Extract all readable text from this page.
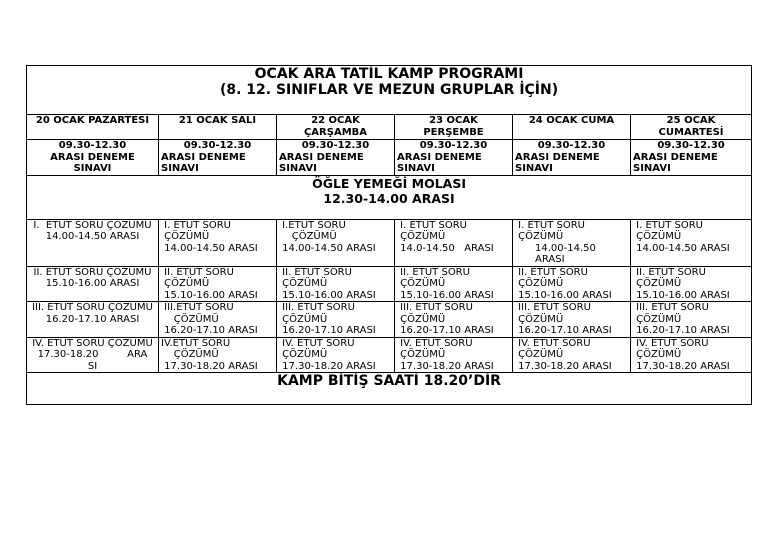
OCAK ARA TATİL KAMP PROGRAMI
(8. 12. SINIFLAR VE MEZUN GRUPLAR İÇİN)					

20 OCAK PAZARTESİ	21 OCAK SALI	22 OCAK
ÇARŞAMBA	23 OCAK
PERŞEMBE	24 OCAK CUMA	25 OCAK
CUMARTESİ

09.30-12.30
ARASI DENEME
SINAVI	09.30-12.30
ARASI DENEME
SINAVI	09.30-12.30
ARASI DENEME
SINAVI	09.30-12.30
ARASI DENEME
SINAVI	09.30-12.30
ARASI DENEME
SINAVI	09.30-12.30
ARASI DENEME
SINAVI

ÖĞLE YEMEĞİ MOLASI
12.30-14.00 ARASI					

I.  ETÜT SORU ÇÖZÜMÜ
14.00-14.50 ARASI	I. ETÜT SORU
ÇÖZÜMÜ
14.00-14.50 ARASI	I.ETÜT SORU
ÇÖZÜMÜ
14.00-14.50 ARASI	I. ETÜT SORU
ÇÖZÜMÜ
14.0-14.50   ARASI	I. ETÜT SORU
ÇÖZÜMÜ
14.00-14.50
ARASI	I. ETÜT SORU
ÇÖZÜMÜ
14.00-14.50 ARASI

II. ETÜT SORU ÇÖZÜMÜ
15.10-16.00 ARASI	II. ETÜT SORU
ÇÖZÜMÜ
15.10-16.00 ARASI	II. ETÜT SORU
ÇÖZÜMÜ
15.10-16.00 ARASI	II. ETÜT SORU
ÇÖZÜMÜ
15.10-16.00 ARASI	II. ETÜT SORU
ÇÖZÜMÜ
15.10-16.00 ARASI	II. ETÜT SORU
ÇÖZÜMÜ
15.10-16.00 ARASI

III. ETÜT SORU ÇÖZÜMÜ
16.20-17.10 ARASI	III.ETÜT SORU
ÇÖZÜMÜ
16.20-17.10 ARASI	III. ETÜT SORU
ÇÖZÜMÜ
16.20-17.10 ARASI	III. ETÜT SORU
ÇÖZÜMÜ
16.20-17.10 ARASI	III. ETÜT SORU
ÇÖZÜMÜ
16.20-17.10 ARASI	III. ETÜT SORU
ÇÖZÜMÜ
16.20-17.10 ARASI

IV. ETÜT SORU ÇÖZÜMÜ
17.30-18.20         ARA
SI	IV.ETÜT SORU
ÇÖZÜMÜ
17.30-18.20 ARASI	IV. ETÜT SORU
ÇÖZÜMÜ
17.30-18.20 ARASI	IV. ETÜT SORU
ÇÖZÜMÜ
17.30-18.20 ARASI	IV. ETÜT SORU
ÇÖZÜMÜ
17.30-18.20 ARASI	IV. ETÜT SORU
ÇÖZÜMÜ
17.30-18.20 ARASI

KAMP BİTİŞ SAATİ 18.20’DİR					
